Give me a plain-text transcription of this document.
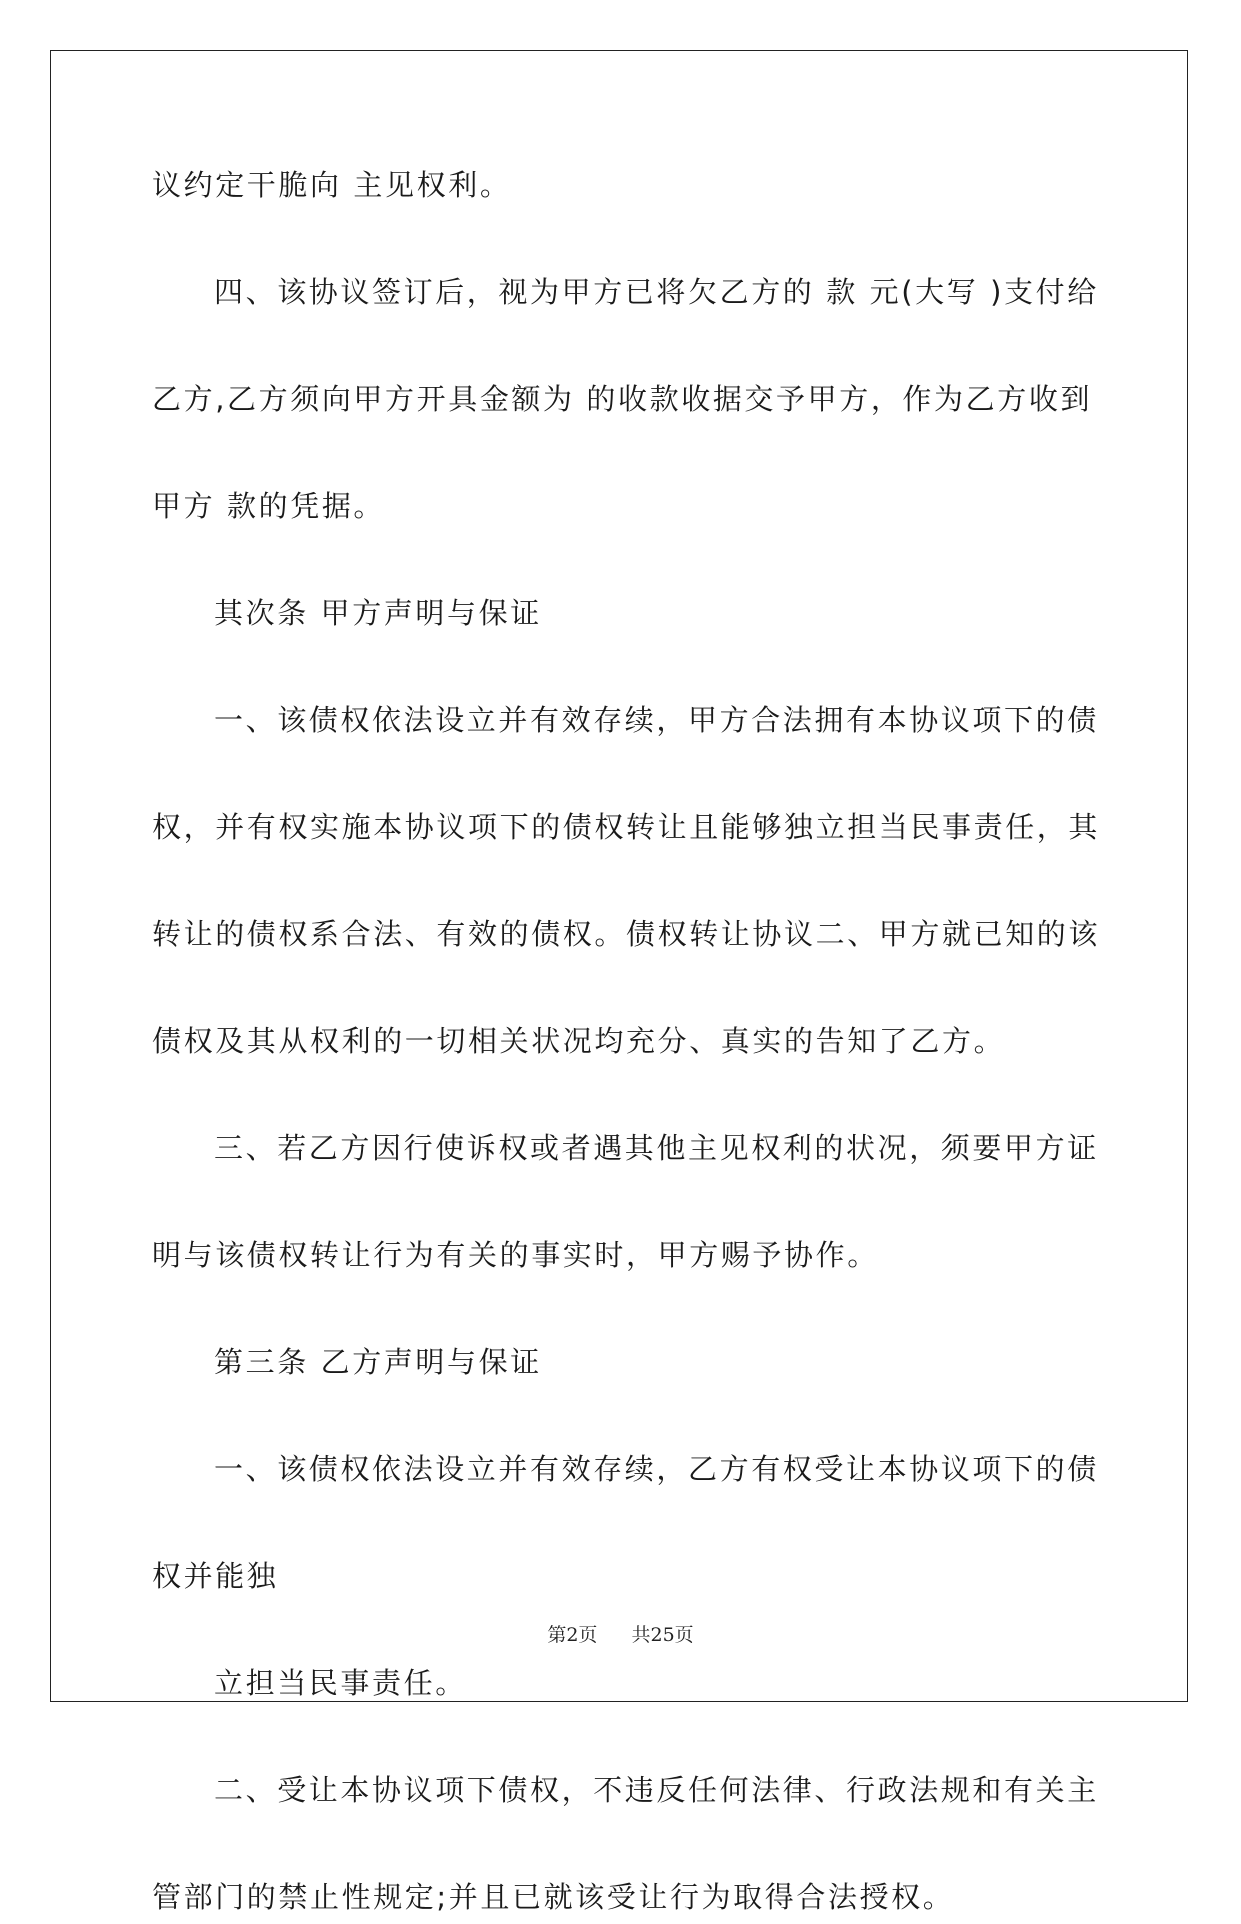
议约定干脆向 主见权利。
四、该协议签订后，视为甲方已将欠乙方的 款 元(大写 )支付给
乙方,乙方须向甲方开具金额为 的收款收据交予甲方，作为乙方收到
甲方 款的凭据。
其次条 甲方声明与保证
一、该债权依法设立并有效存续，甲方合法拥有本协议项下的债
权，并有权实施本协议项下的债权转让且能够独立担当民事责任，其
转让的债权系合法、有效的债权。债权转让协议二、甲方就已知的该
债权及其从权利的一切相关状况均充分、真实的告知了乙方。
三、若乙方因行使诉权或者遇其他主见权利的状况，须要甲方证
明与该债权转让行为有关的事实时，甲方赐予协作。
第三条 乙方声明与保证
一、该债权依法设立并有效存续，乙方有权受让本协议项下的债
权并能独
立担当民事责任。
二、受让本协议项下债权，不违反任何法律、行政法规和有关主
管部门的禁止性规定;并且已就该受让行为取得合法授权。
第2页 共25页
